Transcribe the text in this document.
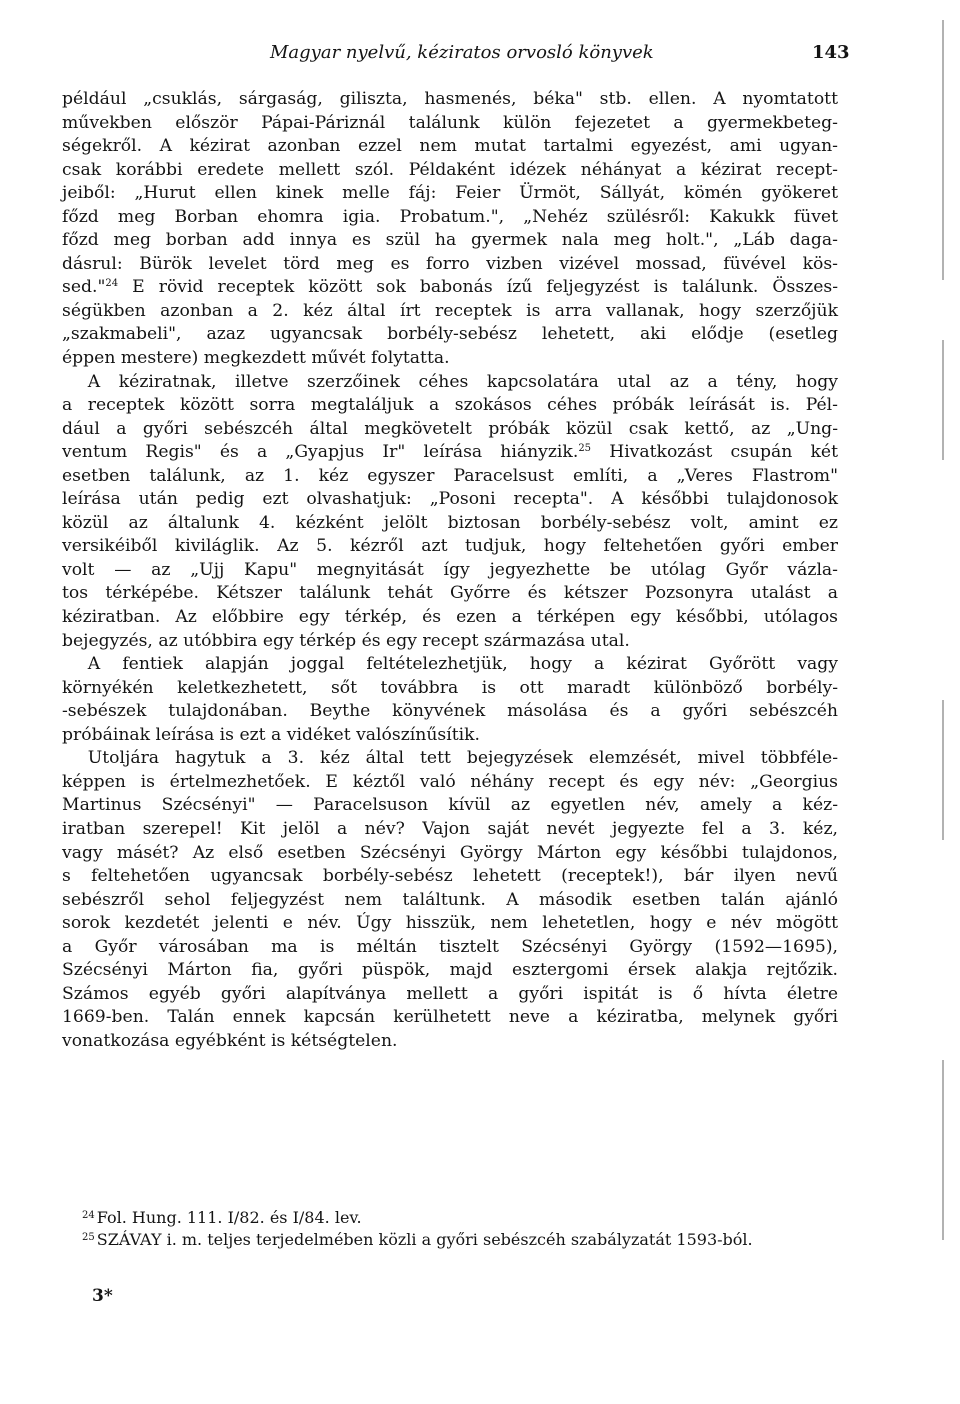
Magyar nyelvű, kéziratos orvosló könyvek	143
például „csuklás, sárgaság, giliszta, hasmenés, béka" stb. ellen. A nyomtatott
művekben először Pápai-Páriznál találunk külön fejezetet a gyermekbeteg-
ségekről. A kézirat azonban ezzel nem mutat tartalmi egyezést, ami ugyan-
csak korábbi eredete mellett szól. Példaként idézek néhányat a kézirat recept-
jeiből: „Hurut ellen kinek melle fáj: Feier Ürmöt, Sállyát, kömén gyökeret
főzd meg Borban ehomra igia. Probatum.", „Nehéz szülésről: Kakukk füvet
főzd meg borban add innya es szül ha gyermek nala meg holt.", „Láb daga-
dásrul: Bürök levelet törd meg es forro vizben vizével mossad, füvével kös-
sed."$^{24}$ E rövid receptek között sok babonás ízű feljegyzést is találunk. Összes-
ségükben azonban a 2. kéz által írt receptek is arra vallanak, hogy szerzőjük
„szakmabeli", azaz ugyancsak borbély-sebész lehetett, aki elődje (esetleg
éppen mestere) megkezdett művét folytatta.
  A kéziratnak, illetve szerzőinek céhes kapcsolatára utal az a tény, hogy
a receptek között sorra megtaláljuk a szokásos céhes próbák leírását is. Pél-
dául a győri sebészcéh által megkövetelt próbák közül csak kettő, az „Ung-
ventum Regis" és a „Gyapjus Ir" leírása hiányzik.$^{25}$ Hivatkozást csupán két
esetben találunk, az 1. kéz egyszer Paracelsust említi, a „Veres Flastrom"
leírása után pedig ezt olvashatjuk: „Posoni recepta". A későbbi tulajdonosok
közül az általunk 4. kézként jelölt biztosan borbély-sebész volt, amint ez
versikéiből kiviláglik. Az 5. kézről azt tudjuk, hogy feltehetően győri ember
volt — az „Ujj Kapu" megnyitását így jegyezhette be utólag Győr vázla-
tos térképébe. Kétszer találunk tehát Győrre és kétszer Pozsonyra utalást a
kéziratban. Az előbbire egy térkép, és ezen a térképen egy későbbi, utólagos
bejegyzés, az utóbbira egy térkép és egy recept származása utal.
  A fentiek alapján joggal feltételezhetjük, hogy a kézirat Győrött vagy
környékén keletkezhetett, sőt továbbra is ott maradt különböző borbély-
-sebészek tulajdonában. Beythe könyvének másolása és a győri sebészcéh
próbáinak leírása is ezt a vidéket valószínűsítik.
  Utoljára hagytuk a 3. kéz által tett bejegyzések elemzését, mivel többféle-
képpen is értelmezhetőek. E kéztől való néhány recept és egy név: „Georgius
Martinus Szécsényi" — Paracelsuson kívül az egyetlen név, amely a kéz-
iratban szerepel! Kit jelöl a név? Vajon saját nevét jegyezte fel a 3. kéz,
vagy másét? Az első esetben Szécsényi György Márton egy későbbi tulajdonos,
s feltehetően ugyancsak borbély-sebész lehetett (receptek!), bár ilyen nevű
sebészről sehol feljegyzést nem találtunk. A második esetben talán ajánló
sorok kezdetét jelenti e név. Úgy hisszük, nem lehetetlen, hogy e név mögött
a Győr városában ma is méltán tisztelt Szécsényi György (1592—1695),
Szécsényi Márton fia, győri püspök, majd esztergomi érsek alakja rejtőzik.
Számos egyéb győri alapítványa mellett a győri ispitát is ő hívta életre
1669-ben. Talán ennek kapcsán kerülhetett neve a kéziratba, melynek győri
vonatkozása egyébként is kétségtelen.
$^{24}$ Fol. Hung. 111. I/82. és I/84. lev.
$^{25}$ SZÁVAY i. m. teljes terjedelmében közli a győri sebészcéh szabályzatát 1593-ból.
3*
